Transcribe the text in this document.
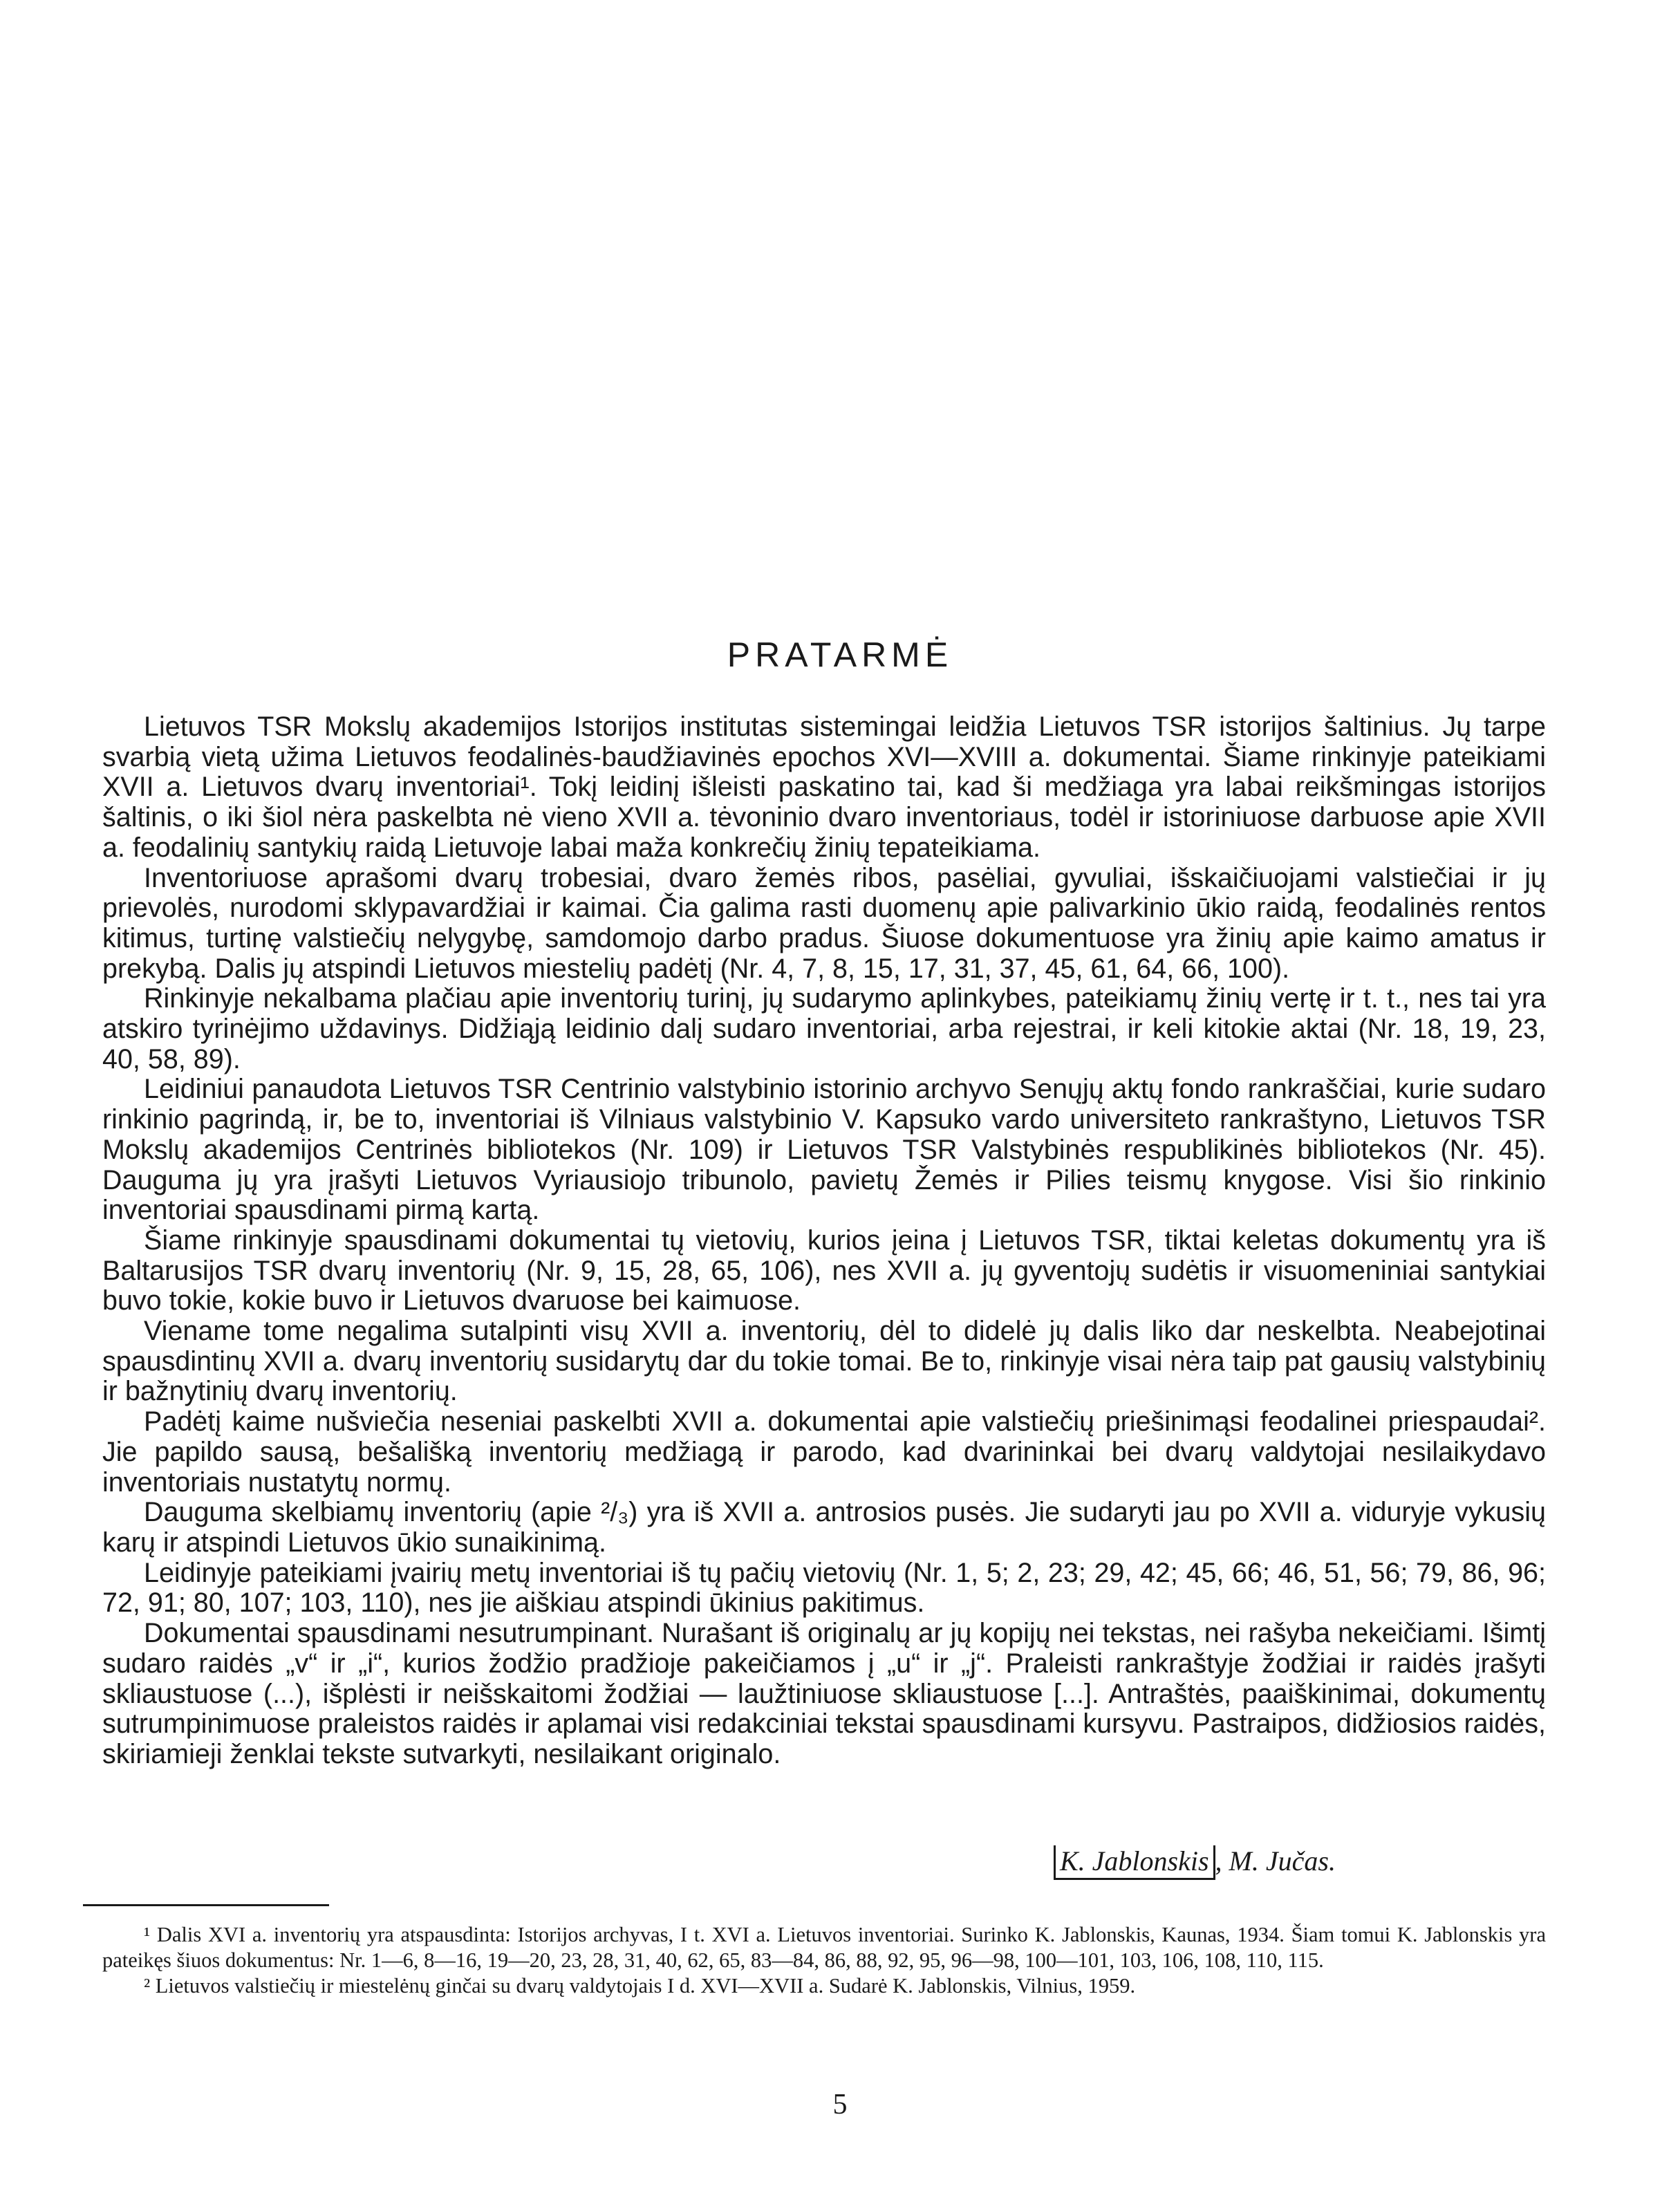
PRATARMĖ

Lietuvos TSR Mokslų akademijos Istorijos institutas sistemingai leidžia Lietuvos TSR istorijos šaltinius. Jų tarpe svarbią vietą užima Lietuvos feodalinės-baudžiavinės epochos XVI—XVIII a. dokumentai. Šiame rinkinyje pateikiami XVII a. Lietuvos dvarų inventoriai¹. Tokį leidinį išleisti paskatino tai, kad ši medžiaga yra labai reikšmingas istorijos šaltinis, o iki šiol nėra paskelbta nė vieno XVII a. tėvoninio dvaro inventoriaus, todėl ir istoriniuose darbuose apie XVII a. feodalinių santykių raidą Lietuvoje labai maža konkrečių žinių tepateikiama.

Inventoriuose aprašomi dvarų trobesiai, dvaro žemės ribos, pasėliai, gyvuliai, išskaičiuojami valstiečiai ir jų prievolės, nurodomi sklypavardžiai ir kaimai. Čia galima rasti duomenų apie palivarkinio ūkio raidą, feodalinės rentos kitimus, turtinę valstiečių nelygybę, samdomojo darbo pradus. Šiuose dokumentuose yra žinių apie kaimo amatus ir prekybą. Dalis jų atspindi Lietuvos miestelių padėtį (Nr. 4, 7, 8, 15, 17, 31, 37, 45, 61, 64, 66, 100).

Rinkinyje nekalbama plačiau apie inventorių turinį, jų sudarymo aplinkybes, pateikiamų žinių vertę ir t. t., nes tai yra atskiro tyrinėjimo uždavinys. Didžiąją leidinio dalį sudaro inventoriai, arba rejestrai, ir keli kitokie aktai (Nr. 18, 19, 23, 40, 58, 89).

Leidiniui panaudota Lietuvos TSR Centrinio valstybinio istorinio archyvo Senųjų aktų fondo rankraščiai, kurie sudaro rinkinio pagrindą, ir, be to, inventoriai iš Vilniaus valstybinio V. Kapsuko vardo universiteto rankraštyno, Lietuvos TSR Mokslų akademijos Centrinės bibliotekos (Nr. 109) ir Lietuvos TSR Valstybinės respublikinės bibliotekos (Nr. 45). Dauguma jų yra įrašyti Lietuvos Vyriausiojo tribunolo, pavietų Žemės ir Pilies teismų knygose. Visi šio rinkinio inventoriai spausdinami pirmą kartą.

Šiame rinkinyje spausdinami dokumentai tų vietovių, kurios įeina į Lietuvos TSR, tiktai keletas dokumentų yra iš Baltarusijos TSR dvarų inventorių (Nr. 9, 15, 28, 65, 106), nes XVII a. jų gyventojų sudėtis ir visuomeniniai santykiai buvo tokie, kokie buvo ir Lietuvos dvaruose bei kaimuose.

Viename tome negalima sutalpinti visų XVII a. inventorių, dėl to didelė jų dalis liko dar neskelbta. Neabejotinai spausdintinų XVII a. dvarų inventorių susidarytų dar du tokie tomai. Be to, rinkinyje visai nėra taip pat gausių valstybinių ir bažnytinių dvarų inventorių.

Padėtį kaime nušviečia neseniai paskelbti XVII a. dokumentai apie valstiečių priešinimąsi feodalinei priespaudai². Jie papildo sausą, bešališką inventorių medžiagą ir parodo, kad dvarininkai bei dvarų valdytojai nesilaikydavo inventoriais nustatytų normų.

Dauguma skelbiamų inventorių (apie ²/₃) yra iš XVII a. antrosios pusės. Jie sudaryti jau po XVII a. viduryje vykusių karų ir atspindi Lietuvos ūkio sunaikinimą.

Leidinyje pateikiami įvairių metų inventoriai iš tų pačių vietovių (Nr. 1, 5; 2, 23; 29, 42; 45, 66; 46, 51, 56; 79, 86, 96; 72, 91; 80, 107; 103, 110), nes jie aiškiau atspindi ūkinius pakitimus.

Dokumentai spausdinami nesutrumpinant. Nurašant iš originalų ar jų kopijų nei tekstas, nei rašyba nekeičiami. Išimtį sudaro raidės „v“ ir „i“, kurios žodžio pradžioje pakeičiamos į „u“ ir „j“. Praleisti rankraštyje žodžiai ir raidės įrašyti skliaustuose (...), išplėsti ir neišskaitomi žodžiai — laužtiniuose skliaustuose [...]. Antraštės, paaiškinimai, dokumentų sutrumpinimuose praleistos raidės ir aplamai visi redakciniai tekstai spausdinami kursyvu. Pastraipos, didžiosios raidės, skiriamieji ženklai tekste sutvarkyti, nesilaikant originalo.

K. Jablonskis , M. Jučas.

¹ Dalis XVI a. inventorių yra atspausdinta: Istorijos archyvas, I t. XVI a. Lietuvos inventoriai. Surinko K. Jablonskis, Kaunas, 1934. Šiam tomui K. Jablonskis yra pateikęs šiuos dokumentus: Nr. 1—6, 8—16, 19—20, 23, 28, 31, 40, 62, 65, 83—84, 86, 88, 92, 95, 96—98, 100—101, 103, 106, 108, 110, 115.

² Lietuvos valstiečių ir miestelėnų ginčai su dvarų valdytojais I d. XVI—XVII a. Sudarė K. Jablonskis, Vilnius, 1959.

5
